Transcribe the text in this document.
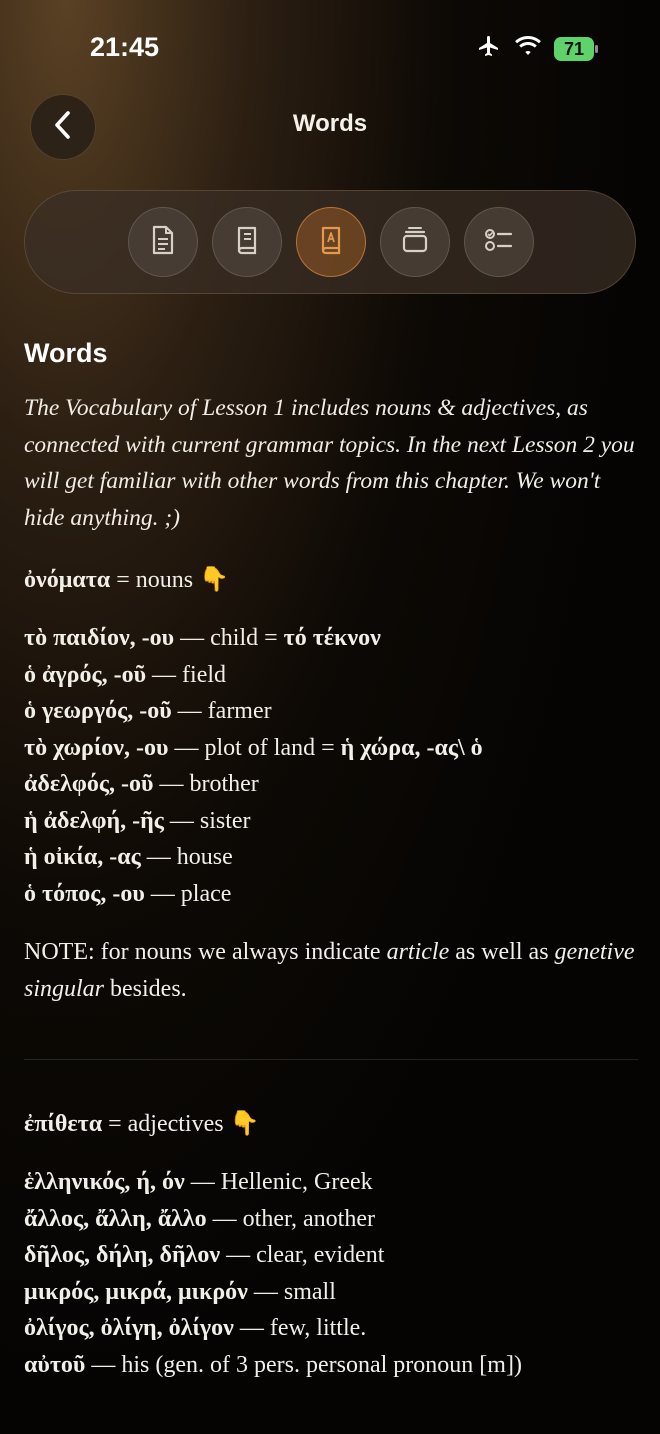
21:45	71
Words
Words
The Vocabulary of Lesson 1 includes nouns & adjectives, as connected with current grammar topics. In the next Lesson 2 you will get familiar with other words from this chapter. We won't hide anything. ;)
ὀνόματα = nouns 👇
τὸ παιδίον, -ου — child = τό τέκνον
ὁ ἀγρός, -οῦ — field
ὁ γεωργός, -οῦ — farmer
τὸ χωρίον, -ου — plot of land = ἡ χώρα, -ας\ ὁ
ἀδελφός, -οῦ — brother
ἡ ἀδελφή, -ῆς — sister
ἡ οἰκία, -ας — house
ὁ τόπος, -ου — place
NOTE: for nouns we always indicate article as well as genetive singular besides.
ἐπίθετα = adjectives 👇
ἑλληνικός, ή, όν — Hellenic, Greek
ἄλλος, ἄλλη, ἄλλο — other, another
δῆλος, δήλη, δῆλον — clear, evident
μικρός, μικρά, μικρόν — small
ὀλίγος, ὀλίγη, ὀλίγον — few, little.
αὐτοῦ — his (gen. of 3 pers. personal pronoun [m])
